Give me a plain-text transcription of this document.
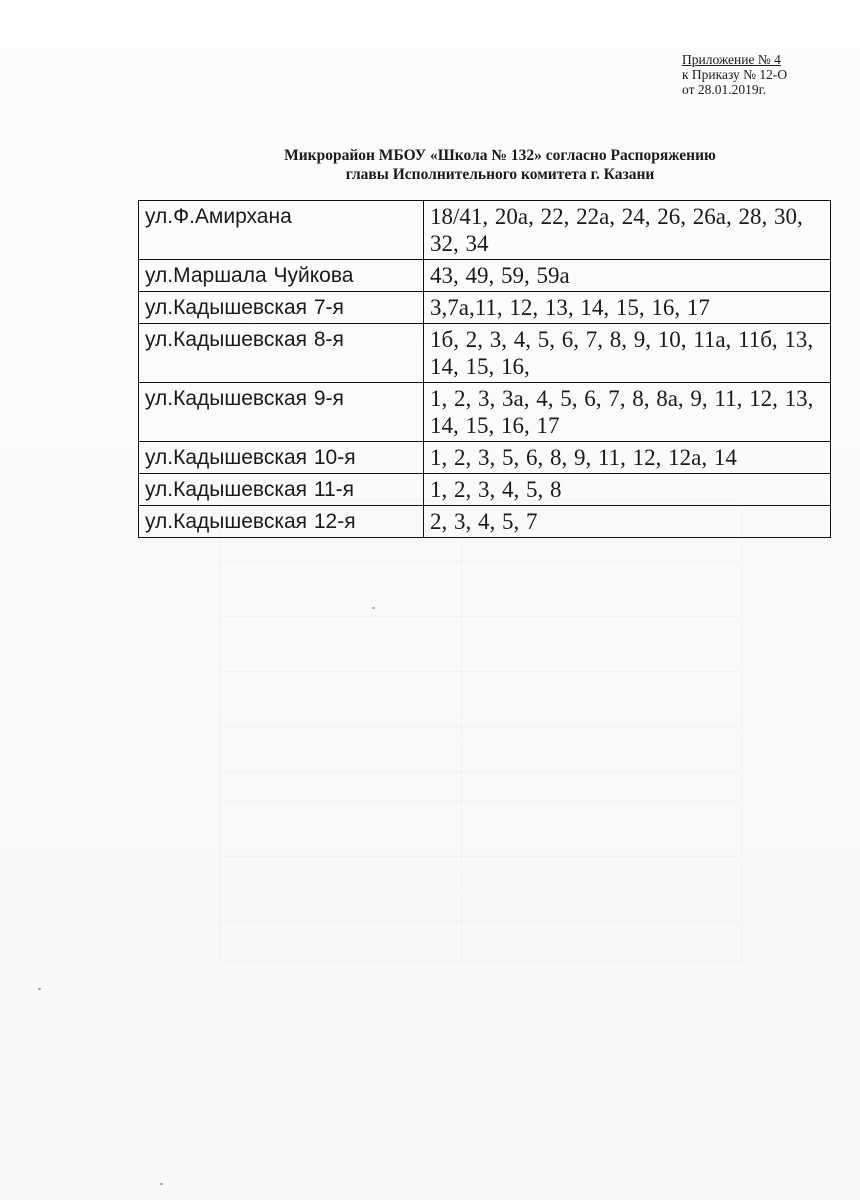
Приложение № 4
к Приказу № 12-О
от 28.01.2019г.
Микрорайон МБОУ «Школа № 132» согласно Распоряжению
главы Исполнительного комитета г. Казани
ул.Ф.Амирхана	18/41, 20а, 22, 22а, 24, 26, 26а, 28, 30, 32, 34
ул.Маршала Чуйкова	43, 49, 59, 59а
ул.Кадышевская 7-я	3,7а,11, 12, 13, 14, 15, 16, 17
ул.Кадышевская 8-я	1б, 2, 3, 4, 5, 6, 7, 8, 9, 10, 11а, 11б, 13, 14, 15, 16,
ул.Кадышевская 9-я	1, 2, 3, 3а, 4, 5, 6, 7, 8, 8а, 9, 11, 12, 13, 14, 15, 16, 17
ул.Кадышевская 10-я	1, 2, 3, 5, 6, 8, 9, 11, 12, 12а, 14
ул.Кадышевская 11-я	1, 2, 3, 4, 5, 8
ул.Кадышевская 12-я	2, 3, 4, 5, 7
